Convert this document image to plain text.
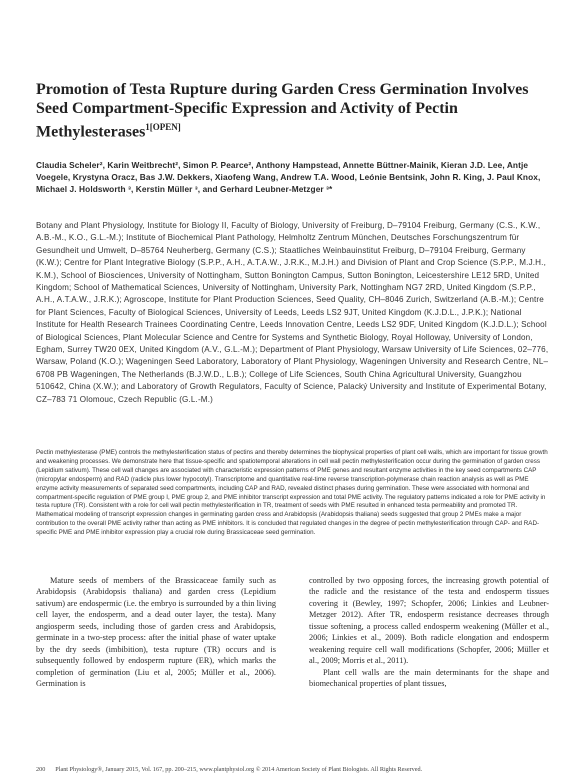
Promotion of Testa Rupture during Garden Cress Germination Involves Seed Compartment-Specific Expression and Activity of Pectin Methylesterases$^{1[OPEN]}$
Claudia Scheler², Karin Weitbrecht², Simon P. Pearce², Anthony Hampstead, Annette Büttner-Mainik, Kieran J.D. Lee, Antje Voegele, Krystyna Oracz, Bas J.W. Dekkers, Xiaofeng Wang, Andrew T.A. Wood, Leónie Bentsink, John R. King, J. Paul Knox, Michael J. Holdsworth ³, Kerstin Müller ³, and Gerhard Leubner-Metzger ³*
Botany and Plant Physiology, Institute for Biology II, Faculty of Biology, University of Freiburg, D–79104 Freiburg, Germany (C.S., K.W., A.B.-M., K.O., G.L.-M.); Institute of Biochemical Plant Pathology, Helmholtz Zentrum München, Deutsches Forschungszentrum für Gesundheit und Umwelt, D–85764 Neuherberg, Germany (C.S.); Staatliches Weinbauinstitut Freiburg, D–79104 Freiburg, Germany (K.W.); Centre for Plant Integrative Biology (S.P.P., A.H., A.T.A.W., J.R.K., M.J.H.) and Division of Plant and Crop Science (S.P.P., M.J.H., K.M.), School of Biosciences, University of Nottingham, Sutton Bonington Campus, Sutton Bonington, Leicestershire LE12 5RD, United Kingdom; School of Mathematical Sciences, University of Nottingham, University Park, Nottingham NG7 2RD, United Kingdom (S.P.P., A.H., A.T.A.W., J.R.K.); Agroscope, Institute for Plant Production Sciences, Seed Quality, CH–8046 Zurich, Switzerland (A.B.-M.); Centre for Plant Sciences, Faculty of Biological Sciences, University of Leeds, Leeds LS2 9JT, United Kingdom (K.J.D.L., J.P.K.); National Institute for Health Research Trainees Coordinating Centre, Leeds Innovation Centre, Leeds LS2 9DF, United Kingdom (K.J.D.L.); School of Biological Sciences, Plant Molecular Science and Centre for Systems and Synthetic Biology, Royal Holloway, University of London, Egham, Surrey TW20 0EX, United Kingdom (A.V., G.L.-M.); Department of Plant Physiology, Warsaw University of Life Sciences, 02–776, Warsaw, Poland (K.O.); Wageningen Seed Laboratory, Laboratory of Plant Physiology, Wageningen University and Research Centre, NL–6708 PB Wageningen, The Netherlands (B.J.W.D., L.B.); College of Life Sciences, South China Agricultural University, Guangzhou 510642, China (X.W.); and Laboratory of Growth Regulators, Faculty of Science, Palacký University and Institute of Experimental Botany, CZ–783 71 Olomouc, Czech Republic (G.L.-M.)
Pectin methylesterase (PME) controls the methylesterification status of pectins and thereby determines the biophysical properties of plant cell walls, which are important for tissue growth and weakening processes. We demonstrate here that tissue-specific and spatiotemporal alterations in cell wall pectin methylesterification occur during the germination of garden cress (Lepidium sativum). These cell wall changes are associated with characteristic expression patterns of PME genes and resultant enzyme activities in the key seed compartments CAP (micropylar endosperm) and RAD (radicle plus lower hypocotyl). Transcriptome and quantitative real-time reverse transcription-polymerase chain reaction analysis as well as PME enzyme activity measurements of separated seed compartments, including CAP and RAD, revealed distinct phases during germination. These were associated with hormonal and compartment-specific regulation of PME group I, PME group 2, and PME inhibitor transcript expression and total PME activity. The regulatory patterns indicated a role for PME activity in testa rupture (TR). Consistent with a role for cell wall pectin methylesterification in TR, treatment of seeds with PME resulted in enhanced testa permeability and promoted TR. Mathematical modeling of transcript expression changes in germinating garden cress and Arabidopsis (Arabidopsis thaliana) seeds suggested that group 2 PMEs make a major contribution to the overall PME activity rather than acting as PME inhibitors. It is concluded that regulated changes in the degree of pectin methylesterification through CAP- and RAD-specific PME and PME inhibitor expression play a crucial role during Brassicaceae seed germination.

Mature seeds of members of the Brassicaceae family such as Arabidopsis (Arabidopsis thaliana) and garden cress (Lepidium sativum) are endospermic (i.e. the embryo is surrounded by a thin living cell layer, the endosperm, and a dead outer layer, the testa). Many angiosperm seeds, including those of garden cress and Arabidopsis, germinate in a two-step process: after the initial phase of water uptake by the dry seeds (imbibition), testa rupture (TR) occurs and is subsequently followed by endosperm rupture (ER), which marks the completion of germination (Liu et al, 2005; Müller et al., 2006). Germination is

controlled by two opposing forces, the increasing growth potential of the radicle and the resistance of the testa and endosperm tissues covering it (Bewley, 1997; Schopfer, 2006; Linkies and Leubner-Metzger 2012). After TR, endosperm resistance decreases through tissue softening, a process called endosperm weakening (Müller et al., 2006; Linkies et al., 2009). Both radicle elongation and endosperm weakening require cell wall modifications (Schopfer, 2006; Müller et al., 2009; Morris et al., 2011).

Plant cell walls are the main determinants for the shape and biomechanical properties of plant tissues,

200 Plant Physiology®, January 2015, Vol. 167, pp. 200–215, www.plantphysiol.org © 2014 American Society of Plant Biologists. All Rights Reserved.
